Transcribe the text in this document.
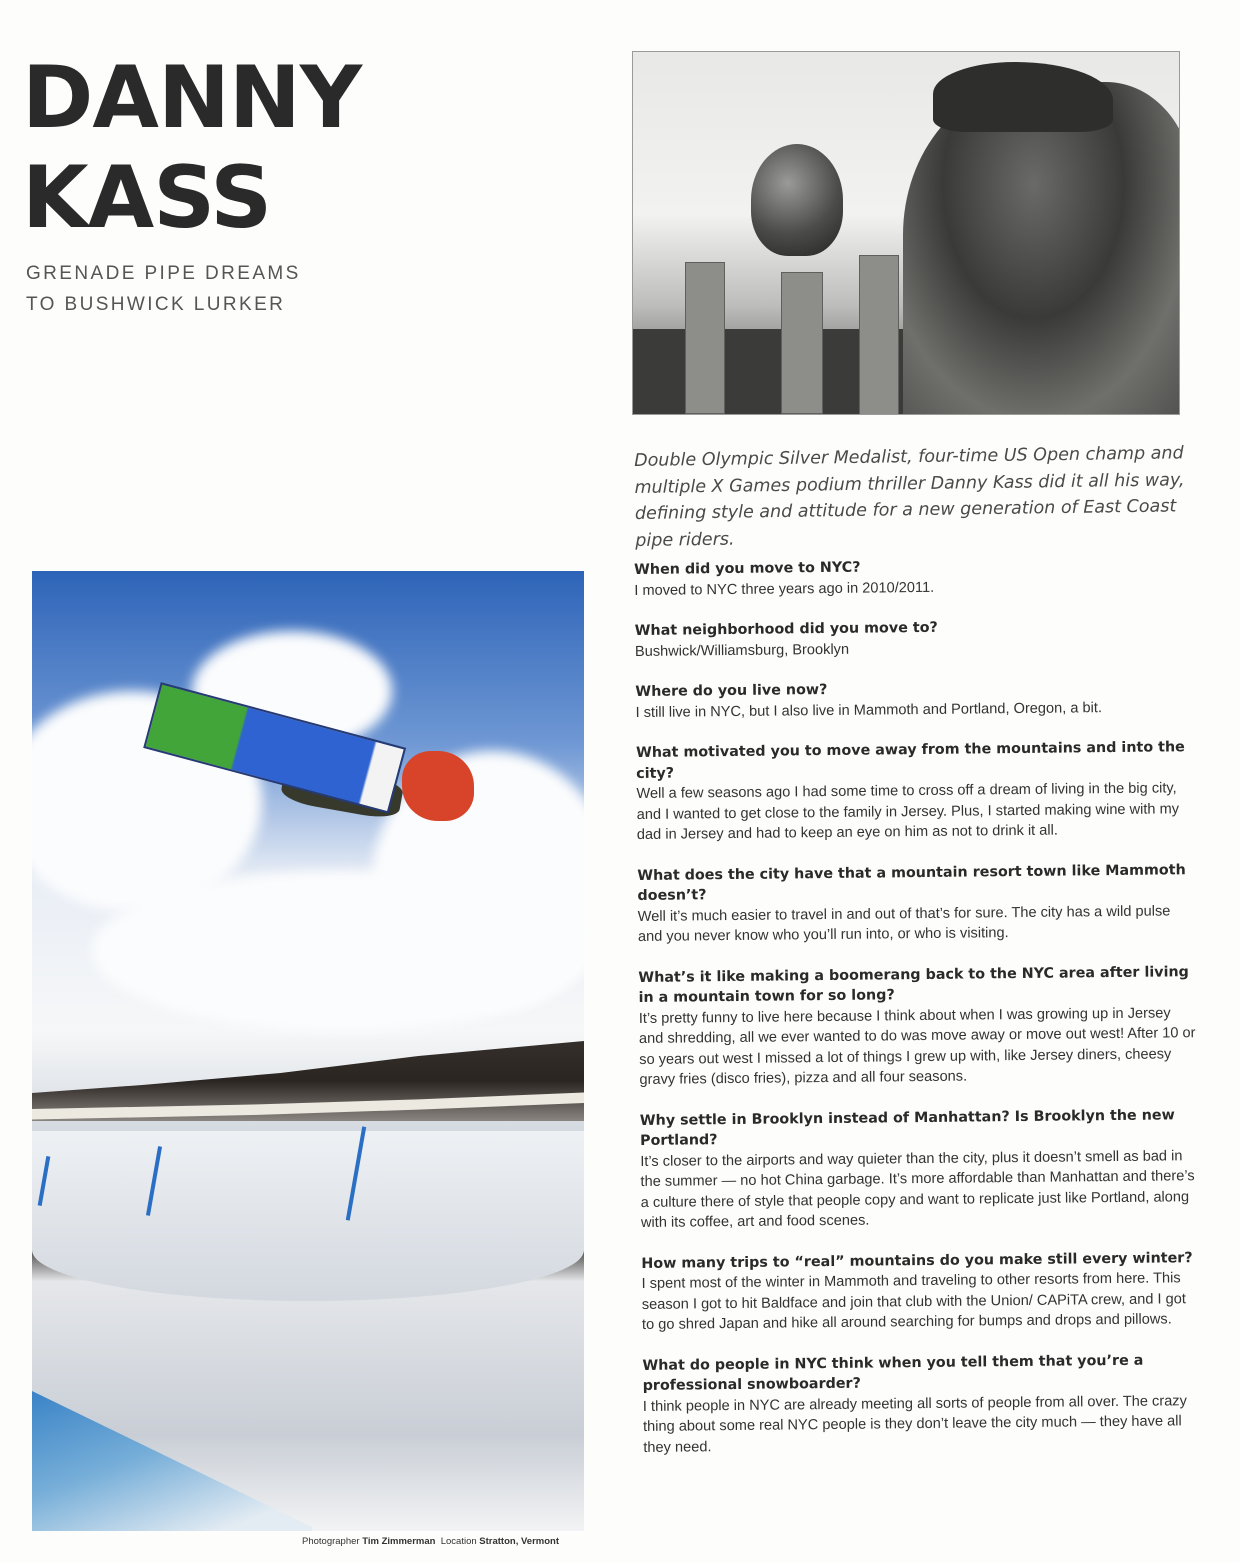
DANNY
KASS
GRENADE PIPE DREAMS
TO BUSHWICK LURKER

Double Olympic Silver Medalist, four-time US Open champ and multiple X Games podium thriller Danny Kass did it all his way, defining style and attitude for a new generation of East Coast pipe riders.

Photographer Tim Zimmerman Location Stratton, Vermont
When did you move to NYC?
I moved to NYC three years ago in 2010/2011.
What neighborhood did you move to?
Bushwick/Williamsburg, Brooklyn
Where do you live now?
I still live in NYC, but I also live in Mammoth and Portland, Oregon, a bit.
What motivated you to move away from the mountains and into the city?
Well a few seasons ago I had some time to cross off a dream of living in the big city, and I wanted to get close to the family in Jersey. Plus, I started making wine with my dad in Jersey and had to keep an eye on him as not to drink it all.
What does the city have that a mountain resort town like Mammoth doesn’t?
Well it’s much easier to travel in and out of that’s for sure. The city has a wild pulse and you never know who you’ll run into, or who is visiting.
What’s it like making a boomerang back to the NYC area after living in a mountain town for so long?
It’s pretty funny to live here because I think about when I was growing up in Jersey and shredding, all we ever wanted to do was move away or move out west! After 10 or so years out west I missed a lot of things I grew up with, like Jersey diners, cheesy gravy fries (disco fries), pizza and all four seasons.
Why settle in Brooklyn instead of Manhattan? Is Brooklyn the new Portland?
It’s closer to the airports and way quieter than the city, plus it doesn’t smell as bad in the summer — no hot China garbage. It’s more affordable than Manhattan and there’s a culture there of style that people copy and want to replicate just like Portland, along with its coffee, art and food scenes.
How many trips to “real” mountains do you make still every winter?
I spent most of the winter in Mammoth and traveling to other resorts from here. This season I got to hit Baldface and join that club with the Union/ CAPiTA crew, and I got to go shred Japan and hike all around searching for bumps and drops and pillows.
What do people in NYC think when you tell them that you’re a professional snowboarder?
I think people in NYC are already meeting all sorts of people from all over. The crazy thing about some real NYC people is they don’t leave the city much — they have all they need.
